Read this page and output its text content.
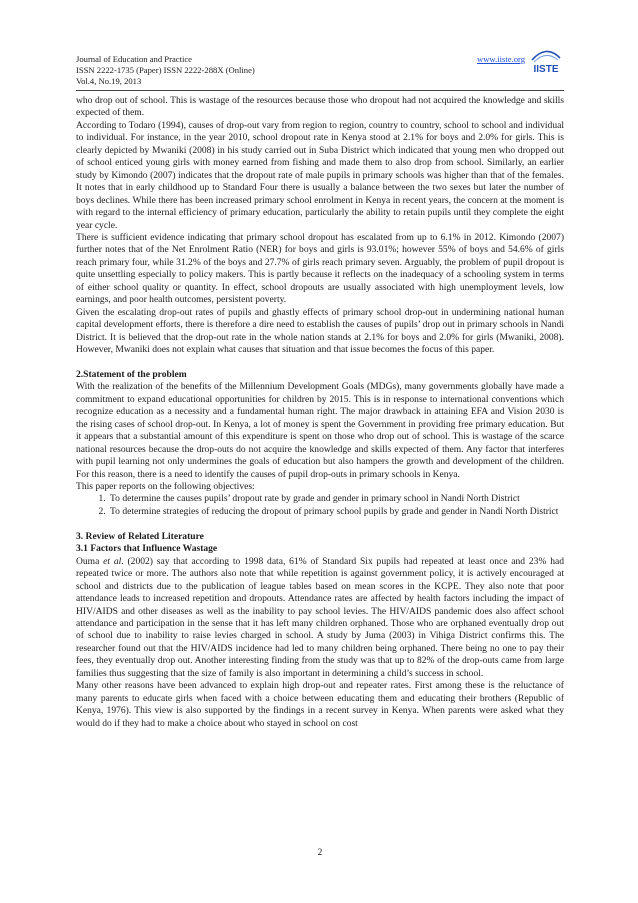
Journal of Education and Practice
ISSN 2222-1735 (Paper) ISSN 2222-288X (Online)
Vol.4, No.19, 2013
www.iiste.org
IISTE

who drop out of school. This is wastage of the resources because those who dropout had not acquired the knowledge and skills expected of them.

According to Todaro (1994), causes of drop-out vary from region to region, country to country, school to school and individual to individual. For instance, in the year 2010, school dropout rate in Kenya stood at 2.1% for boys and 2.0% for girls. This is clearly depicted by Mwaniki (2008) in his study carried out in Suba District which indicated that young men who dropped out of school enticed young girls with money earned from fishing and made them to also drop from school. Similarly, an earlier study by Kimondo (2007) indicates that the dropout rate of male pupils in primary schools was higher than that of the females. It notes that in early childhood up to Standard Four there is usually a balance between the two sexes but later the number of boys declines. While there has been increased primary school enrolment in Kenya in recent years, the concern at the moment is with regard to the internal efficiency of primary education, particularly the ability to retain pupils until they complete the eight year cycle.

There is sufficient evidence indicating that primary school dropout has escalated from up to 6.1% in 2012. Kimondo (2007) further notes that of the Net Enrolment Ratio (NER) for boys and girls is 93.01%; however 55% of boys and 54.6% of girls reach primary four, while 31.2% of the boys and 27.7% of girls reach primary seven. Arguably, the problem of pupil dropout is quite unsettling especially to policy makers. This is partly because it reflects on the inadequacy of a schooling system in terms of either school quality or quantity. In effect, school dropouts are usually associated with high unemployment levels, low earnings, and poor health outcomes, persistent poverty.

Given the escalating drop-out rates of pupils and ghastly effects of primary school drop-out in undermining national human capital development efforts, there is therefore a dire need to establish the causes of pupils’ drop out in primary schools in Nandi District. It is believed that the drop-out rate in the whole nation stands at 2.1% for boys and 2.0% for girls (Mwaniki, 2008). However, Mwaniki does not explain what causes that situation and that issue becomes the focus of this paper.

2.Statement of the problem

With the realization of the benefits of the Millennium Development Goals (MDGs), many governments globally have made a commitment to expand educational opportunities for children by 2015. This is in response to international conventions which recognize education as a necessity and a fundamental human right. The major drawback in attaining EFA and Vision 2030 is the rising cases of school drop-out. In Kenya, a lot of money is spent the Government in providing free primary education. But it appears that a substantial amount of this expenditure is spent on those who drop out of school. This is wastage of the scarce national resources because the drop-outs do not acquire the knowledge and skills expected of them. Any factor that interferes with pupil learning not only undermines the goals of education but also hampers the growth and development of the children. For this reason, there is a need to identify the causes of pupil drop-outs in primary schools in Kenya.

This paper reports on the following objectives:

1. To determine the causes pupils’ dropout rate by grade and gender in primary school in Nandi North District
2. To determine strategies of reducing the dropout of primary school pupils by grade and gender in Nandi North District

3. Review of Related Literature

3.1 Factors that Influence Wastage

Ouma et al. (2002) say that according to 1998 data, 61% of Standard Six pupils had repeated at least once and 23% had repeated twice or more. The authors also note that while repetition is against government policy, it is actively encouraged at school and districts due to the publication of league tables based on mean scores in the KCPE. They also note that poor attendance leads to increased repetition and dropouts. Attendance rates are affected by health factors including the impact of HIV/AIDS and other diseases as well as the inability to pay school levies. The HIV/AIDS pandemic does also affect school attendance and participation in the sense that it has left many children orphaned. Those who are orphaned eventually drop out of school due to inability to raise levies charged in school. A study by Juma (2003) in Vihiga District confirms this. The researcher found out that the HIV/AIDS incidence had led to many children being orphaned. There being no one to pay their fees, they eventually drop out. Another interesting finding from the study was that up to 82% of the drop-outs came from large families thus suggesting that the size of family is also important in determining a child’s success in school.

Many other reasons have been advanced to explain high drop-out and repeater rates. First among these is the reluctance of many parents to educate girls when faced with a choice between educating them and educating their brothers (Republic of Kenya, 1976). This view is also supported by the findings in a recent survey in Kenya. When parents were asked what they would do if they had to make a choice about who stayed in school on cost

2
